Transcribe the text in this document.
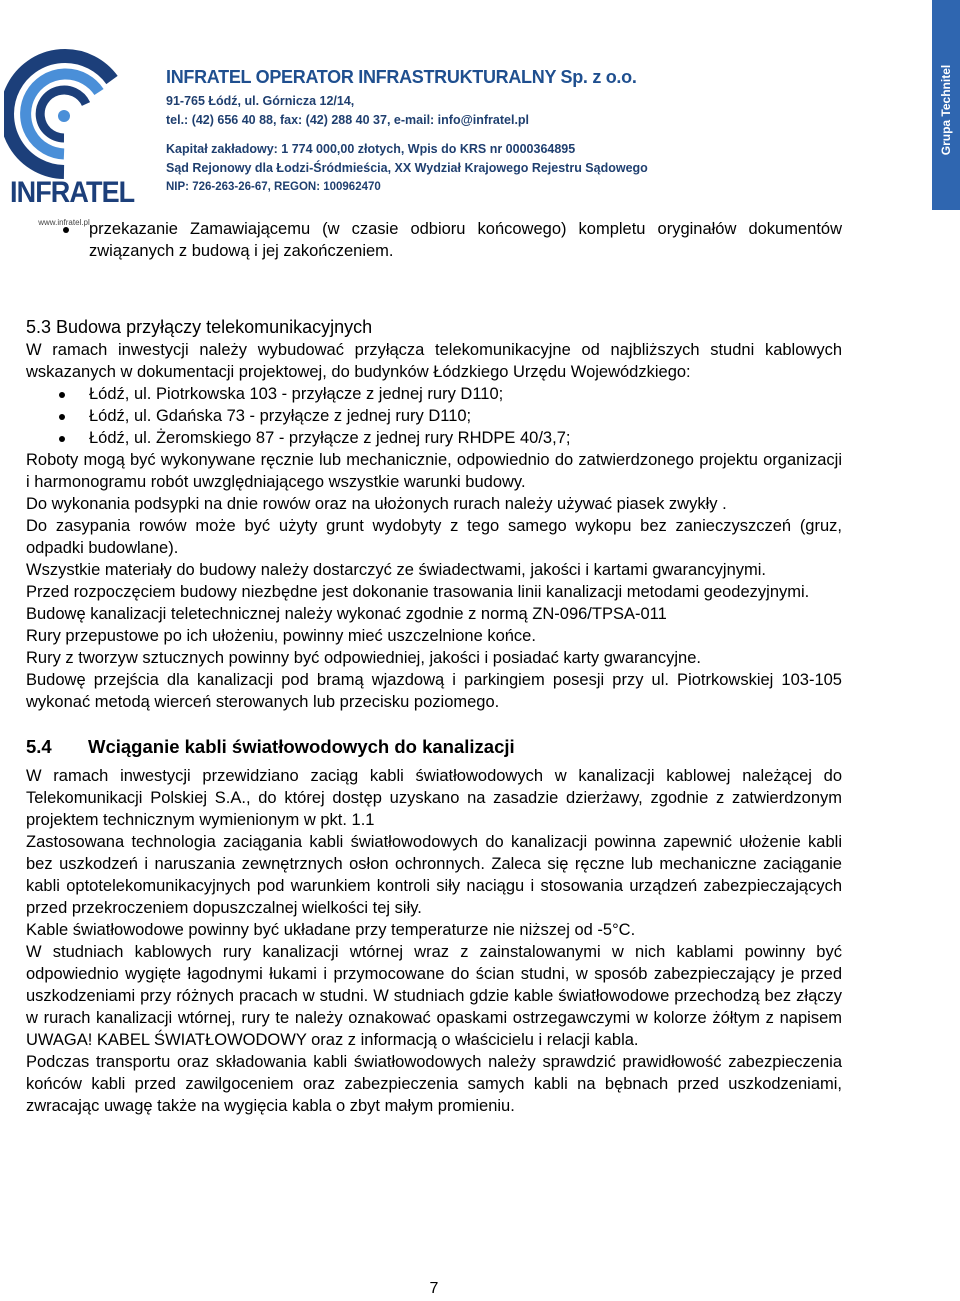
INFRATEL
www.infratel.pl
INFRATEL OPERATOR INFRASTRUKTURALNY Sp. z o.o.
91-765 Łódź, ul. Górnicza 12/14,
tel.: (42) 656 40 88, fax: (42) 288 40 37, e-mail: info@infratel.pl
Kapitał zakładowy: 1 774 000,00 złotych, Wpis do KRS nr 0000364895
Sąd Rejonowy dla Łodzi-Śródmieścia, XX Wydział Krajowego Rejestru Sądowego
NIP: 726-263-26-67, REGON: 100962470
Grupa Technitel

przekazanie Zamawiającemu (w czasie odbioru końcowego) kompletu oryginałów dokumentów związanych z budową i jej zakończeniem.

5.3 Budowa przyłączy telekomunikacyjnych

W ramach inwestycji należy wybudować przyłącza telekomunikacyjne od najbliższych studni kablowych wskazanych w dokumentacji projektowej, do budynków Łódzkiego Urzędu Wojewódzkiego:

Łódź, ul. Piotrkowska 103 - przyłącze z jednej rury D110;

Łódź, ul. Gdańska 73 - przyłącze z jednej rury D110;

Łódź, ul. Żeromskiego 87 - przyłącze z jednej rury RHDPE 40/3,7;

Roboty mogą być wykonywane ręcznie lub mechanicznie, odpowiednio do zatwierdzonego projektu organizacji i harmonogramu robót uwzględniającego wszystkie warunki budowy.

Do wykonania podsypki na dnie rowów oraz na ułożonych rurach należy używać piasek zwykły .

Do zasypania rowów może być użyty grunt wydobyty z tego samego wykopu bez zanieczyszczeń (gruz, odpadki budowlane).

Wszystkie materiały do budowy należy dostarczyć ze świadectwami, jakości i kartami gwarancyjnymi.

Przed rozpoczęciem budowy niezbędne jest dokonanie trasowania linii kanalizacji metodami geodezyjnymi.

Budowę kanalizacji teletechnicznej należy wykonać zgodnie z normą ZN-096/TPSA-011

Rury przepustowe po ich ułożeniu, powinny mieć uszczelnione końce.

Rury z tworzyw sztucznych powinny być odpowiedniej, jakości i posiadać karty gwarancyjne.

Budowę przejścia dla kanalizacji pod bramą wjazdową i parkingiem posesji przy ul. Piotrkowskiej 103-105 wykonać metodą wierceń sterowanych lub przecisku poziomego.

5.4 Wciąganie kabli światłowodowych do kanalizacji

W ramach inwestycji przewidziano zaciąg kabli światłowodowych w kanalizacji kablowej należącej do Telekomunikacji Polskiej S.A., do której dostęp uzyskano na zasadzie dzierżawy, zgodnie z zatwierdzonym projektem technicznym wymienionym w pkt. 1.1

Zastosowana technologia zaciągania kabli światłowodowych do kanalizacji powinna zapewnić ułożenie kabli bez uszkodzeń i naruszania zewnętrznych osłon ochronnych. Zaleca się ręczne lub mechaniczne zaciąganie kabli optotelekomunikacyjnych pod warunkiem kontroli siły naciągu i stosowania urządzeń zabezpieczających przed przekroczeniem dopuszczalnej wielkości tej siły.

Kable światłowodowe powinny być układane przy temperaturze nie niższej od -5°C.

W studniach kablowych rury kanalizacji wtórnej wraz z zainstalowanymi w nich kablami powinny być odpowiednio wygięte łagodnymi łukami i przymocowane do ścian studni, w sposób zabezpieczający je przed uszkodzeniami przy różnych pracach w studni. W studniach gdzie kable światłowodowe przechodzą bez złączy w rurach kanalizacji wtórnej, rury te należy oznakować opaskami ostrzegawczymi w kolorze żółtym z napisem UWAGA! KABEL ŚWIATŁOWODOWY oraz z informacją o właścicielu i relacji kabla.

Podczas transportu oraz składowania kabli światłowodowych należy sprawdzić prawidłowość zabezpieczenia końców kabli przed zawilgoceniem oraz zabezpieczenia samych kabli na bębnach przed uszkodzeniami, zwracając uwagę także na wygięcia kabla o zbyt małym promieniu.

7
